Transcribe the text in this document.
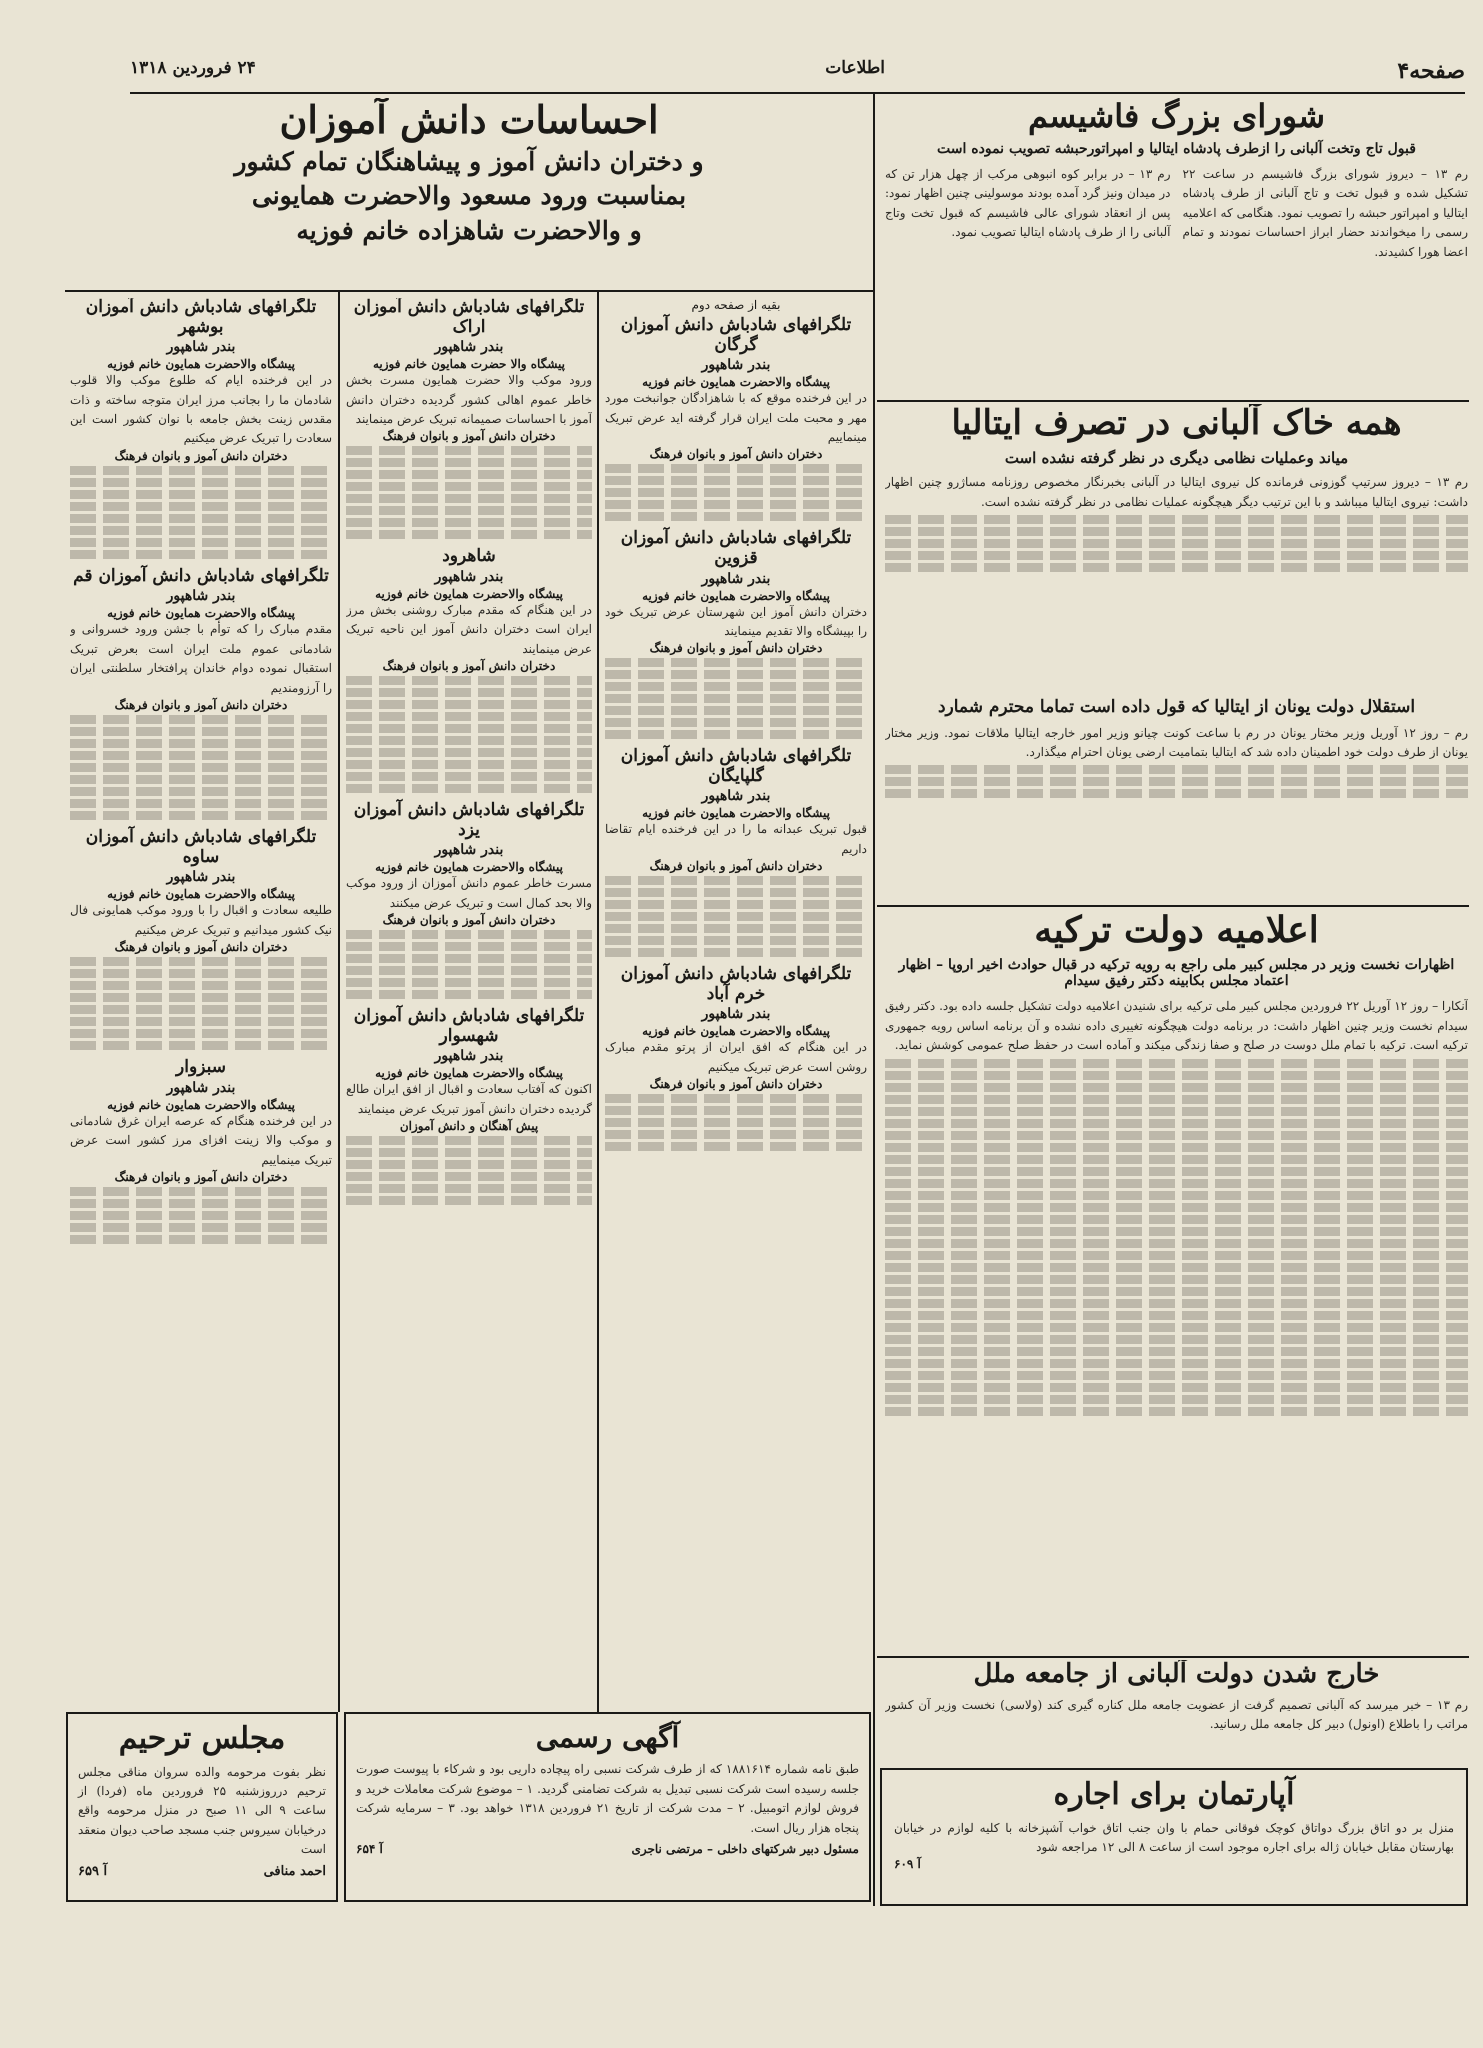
صفحه۴
اطلاعات
۲۴ فروردین ۱۳۱۸
شورای بزرگ فاشیسم
قبول تاج وتخت آلبانی را ازطرف پادشاه ایتالیا و امپراتورحبشه تصویب نموده است
رم ۱۳ – دیروز شورای بزرگ فاشیسم در ساعت ۲۲ تشکیل شده و قبول تخت و تاج آلبانی از طرف پادشاه ایتالیا و امپراتور حبشه را تصویب نمود. هنگامی که اعلامیه رسمی را میخواندند حضار ابراز احساسات نمودند و تمام اعضا هورا کشیدند.
رم ۱۳ – در برابر کوه انبوهی مرکب از چهل هزار تن که در میدان ونیز گرد آمده بودند موسولینی چنین اظهار نمود: پس از انعقاد شورای عالی فاشیسم که قبول تخت وتاج آلبانی را از طرف پادشاه ایتالیا تصویب نمود.
همه خاک آلبانی در تصرف ایتالیا
میاند وعملیات نظامی دیگری در نظر گرفته نشده است
رم ۱۳ – دیروز سرتیپ گوزونی فرمانده کل نیروی ایتالیا در آلبانی بخبرنگار مخصوص روزنامه مساژرو چنین اظهار داشت: نیروی ایتالیا میباشد و با این ترتیب دیگر هیچگونه عملیات نظامی در نظر گرفته نشده است.
استقلال دولت یونان از ایتالیا که قول داده است تماما محترم شمارد
رم – روز ۱۲ آوریل وزیر مختار یونان در رم با ساعت کونت چیانو وزیر امور خارجه ایتالیا ملاقات نمود. وزیر مختار یونان از طرف دولت خود اطمینان داده شد که ایتالیا بتمامیت ارضی یونان احترام میگذارد.
اعلامیه دولت ترکیه
اظهارات نخست وزیر در مجلس کبیر ملی راجع به رویه ترکیه در قبال حوادث اخیر اروپا – اظهار اعتماد مجلس بکابینه دکتر رفیق سیدام
آنکارا – روز ۱۲ آوریل ۲۲ فروردین مجلس کبیر ملی ترکیه برای شنیدن اعلامیه دولت تشکیل جلسه داده بود. دکتر رفیق سیدام نخست وزیر چنین اظهار داشت: در برنامه دولت هیچگونه تغییری داده نشده و آن برنامه اساس رویه جمهوری ترکیه است. ترکیه با تمام ملل دوست در صلح و صفا زندگی میکند و آماده است در حفظ صلح عمومی کوشش نماید.
خارج شدن دولت آلبانی از جامعه ملل
رم ۱۳ – خبر میرسد که آلبانی تصمیم گرفت از عضویت جامعه ملل کناره گیری کند (ولاسی) نخست وزیر آن کشور مراتب را باطلاع (اونول) دبیر کل جامعه ملل رسانید.
آپارتمان برای اجاره
منزل بر دو اتاق بزرگ دواتاق کوچک فوقانی حمام با وان جنب اتاق خواب آشپزخانه با کلیه لوازم در خیابان بهارستان مقابل خیابان ژاله برای اجاره موجود است از ساعت ۸ الی ۱۲ مراجعه شود
آ ۶۰۹
احساسات دانش آموزان
و دختران دانش آموز و پیشاهنگان تمام کشور
بمناسبت ورود مسعود والاحضرت همایونی
و والاحضرت شاهزاده خانم فوزیه
بقیه از صفحه دوم
تلگرافهای شادباش دانش آموزان گرگان
بندر شاهپور
پیشگاه والاحضرت همایون خانم فوزیه
در این فرخنده موقع که با شاهزادگان جوانبخت مورد مهر و محبت ملت ایران قرار گرفته اید عرض تبریک مینماییم
دختران دانش آموز و بانوان فرهنگ
تلگرافهای شادباش دانش آموزان قزوین
بندر شاهپور
پیشگاه والاحضرت همایون خانم فوزیه
دختران دانش آموز این شهرستان عرض تبریک خود را بپیشگاه والا تقدیم مینمایند
دختران دانش آموز و بانوان فرهنگ
تلگرافهای شادباش دانش آموزان گلپایگان
بندر شاهپور
پیشگاه والاحضرت همایون خانم فوزیه
قبول تبریک عبدانه ما را در این فرخنده ایام تقاضا داریم
دختران دانش آموز و بانوان فرهنگ
تلگرافهای شادباش دانش آموزان خرم آباد
بندر شاهپور
پیشگاه والاحضرت همایون خانم فوزیه
در این هنگام که افق ایران از پرتو مقدم مبارک روشن است عرض تبریک میکنیم
دختران دانش آموز و بانوان فرهنگ
تلگرافهای شادباش دانش آموزان اراک
بندر شاهپور
پیشگاه والا حضرت همایون خانم فوزیه
ورود موکب والا حضرت همایون مسرت بخش خاطر عموم اهالی کشور گردیده دختران دانش آموز با احساسات صمیمانه تبریک عرض مینمایند
دختران دانش آموز و بانوان فرهنگ
شاهرود
بندر شاهپور
پیشگاه والاحضرت همایون خانم فوزیه
در این هنگام که مقدم مبارک روشنی بخش مرز ایران است دختران دانش آموز این ناحیه تبریک عرض مینمایند
دختران دانش آموز و بانوان فرهنگ
تلگرافهای شادباش دانش آموزان یزد
بندر شاهپور
پیشگاه والاحضرت همایون خانم فوزیه
مسرت خاطر عموم دانش آموزان از ورود موکب والا بحد کمال است و تبریک عرض میکنند
دختران دانش آموز و بانوان فرهنگ
تلگرافهای شادباش دانش آموزان شهسوار
بندر شاهپور
پیشگاه والاحضرت همایون خانم فوزیه
اکنون که آفتاب سعادت و اقبال از افق ایران طالع گردیده دختران دانش آموز تبریک عرض مینمایند
پیش آهنگان و دانش آموزان
تلگرافهای شادباش دانش آموزان بوشهر
بندر شاهپور
پیشگاه والاحضرت همایون خانم فوزیه
در این فرخنده ایام که طلوع موکب والا قلوب شادمان ما را بجانب مرز ایران متوجه ساخته و ذات مقدس زینت بخش جامعه با نوان کشور است این سعادت را تبریک عرض میکنیم
دختران دانش آموز و بانوان فرهنگ
تلگرافهای شادباش دانش آموزان قم
بندر شاهپور
پیشگاه والاحضرت همایون خانم فوزیه
مقدم مبارک را که توأم با جشن ورود خسروانی و شادمانی عموم ملت ایران است بعرض تبریک استقبال نموده دوام خاندان پرافتخار سلطنتی ایران را آرزومندیم
دختران دانش آموز و بانوان فرهنگ
تلگرافهای شادباش دانش آموزان ساوه
بندر شاهپور
پیشگاه والاحضرت همایون خانم فوزیه
طلیعه سعادت و اقبال را با ورود موکب همایونی فال نیک کشور میدانیم و تبریک عرض میکنیم
دختران دانش آموز و بانوان فرهنگ
سبزوار
بندر شاهپور
پیشگاه والاحضرت همایون خانم فوزیه
در این فرخنده هنگام که عرصه ایران غرق شادمانی و موکب والا زینت افزای مرز کشور است عرض تبریک مینماییم
دختران دانش آموز و بانوان فرهنگ
آگهی رسمی
طبق نامه شماره ۱۸۸۱۶۱۴ که از طرف شرکت نسبی راه پیچاده داریی بود و شرکاء با پیوست صورت جلسه رسیده است شرکت نسبی تبدیل به شرکت تضامنی گردید. ۱ – موضوع شرکت معاملات خرید و فروش لوازم اتومبیل. ۲ – مدت شرکت از تاریخ ۲۱ فروردین ۱۳۱۸ خواهد بود. ۳ – سرمایه شرکت پنجاه هزار ریال است.
مسئول دبیر شرکتهای داخلی – مرتضی ناجری
آ ۶۵۴
مجلس ترحیم
نظر بفوت مرحومه والده سروان مناقی مجلس ترحیم درروزشنبه ۲۵ فروردین ماه (فردا) از ساعت ۹ الی ۱۱ صبح در منزل مرحومه واقع درخیابان سیروس جنب مسجد صاحب دیوان منعقد است
احمد منافی
آ ۶۵۹
